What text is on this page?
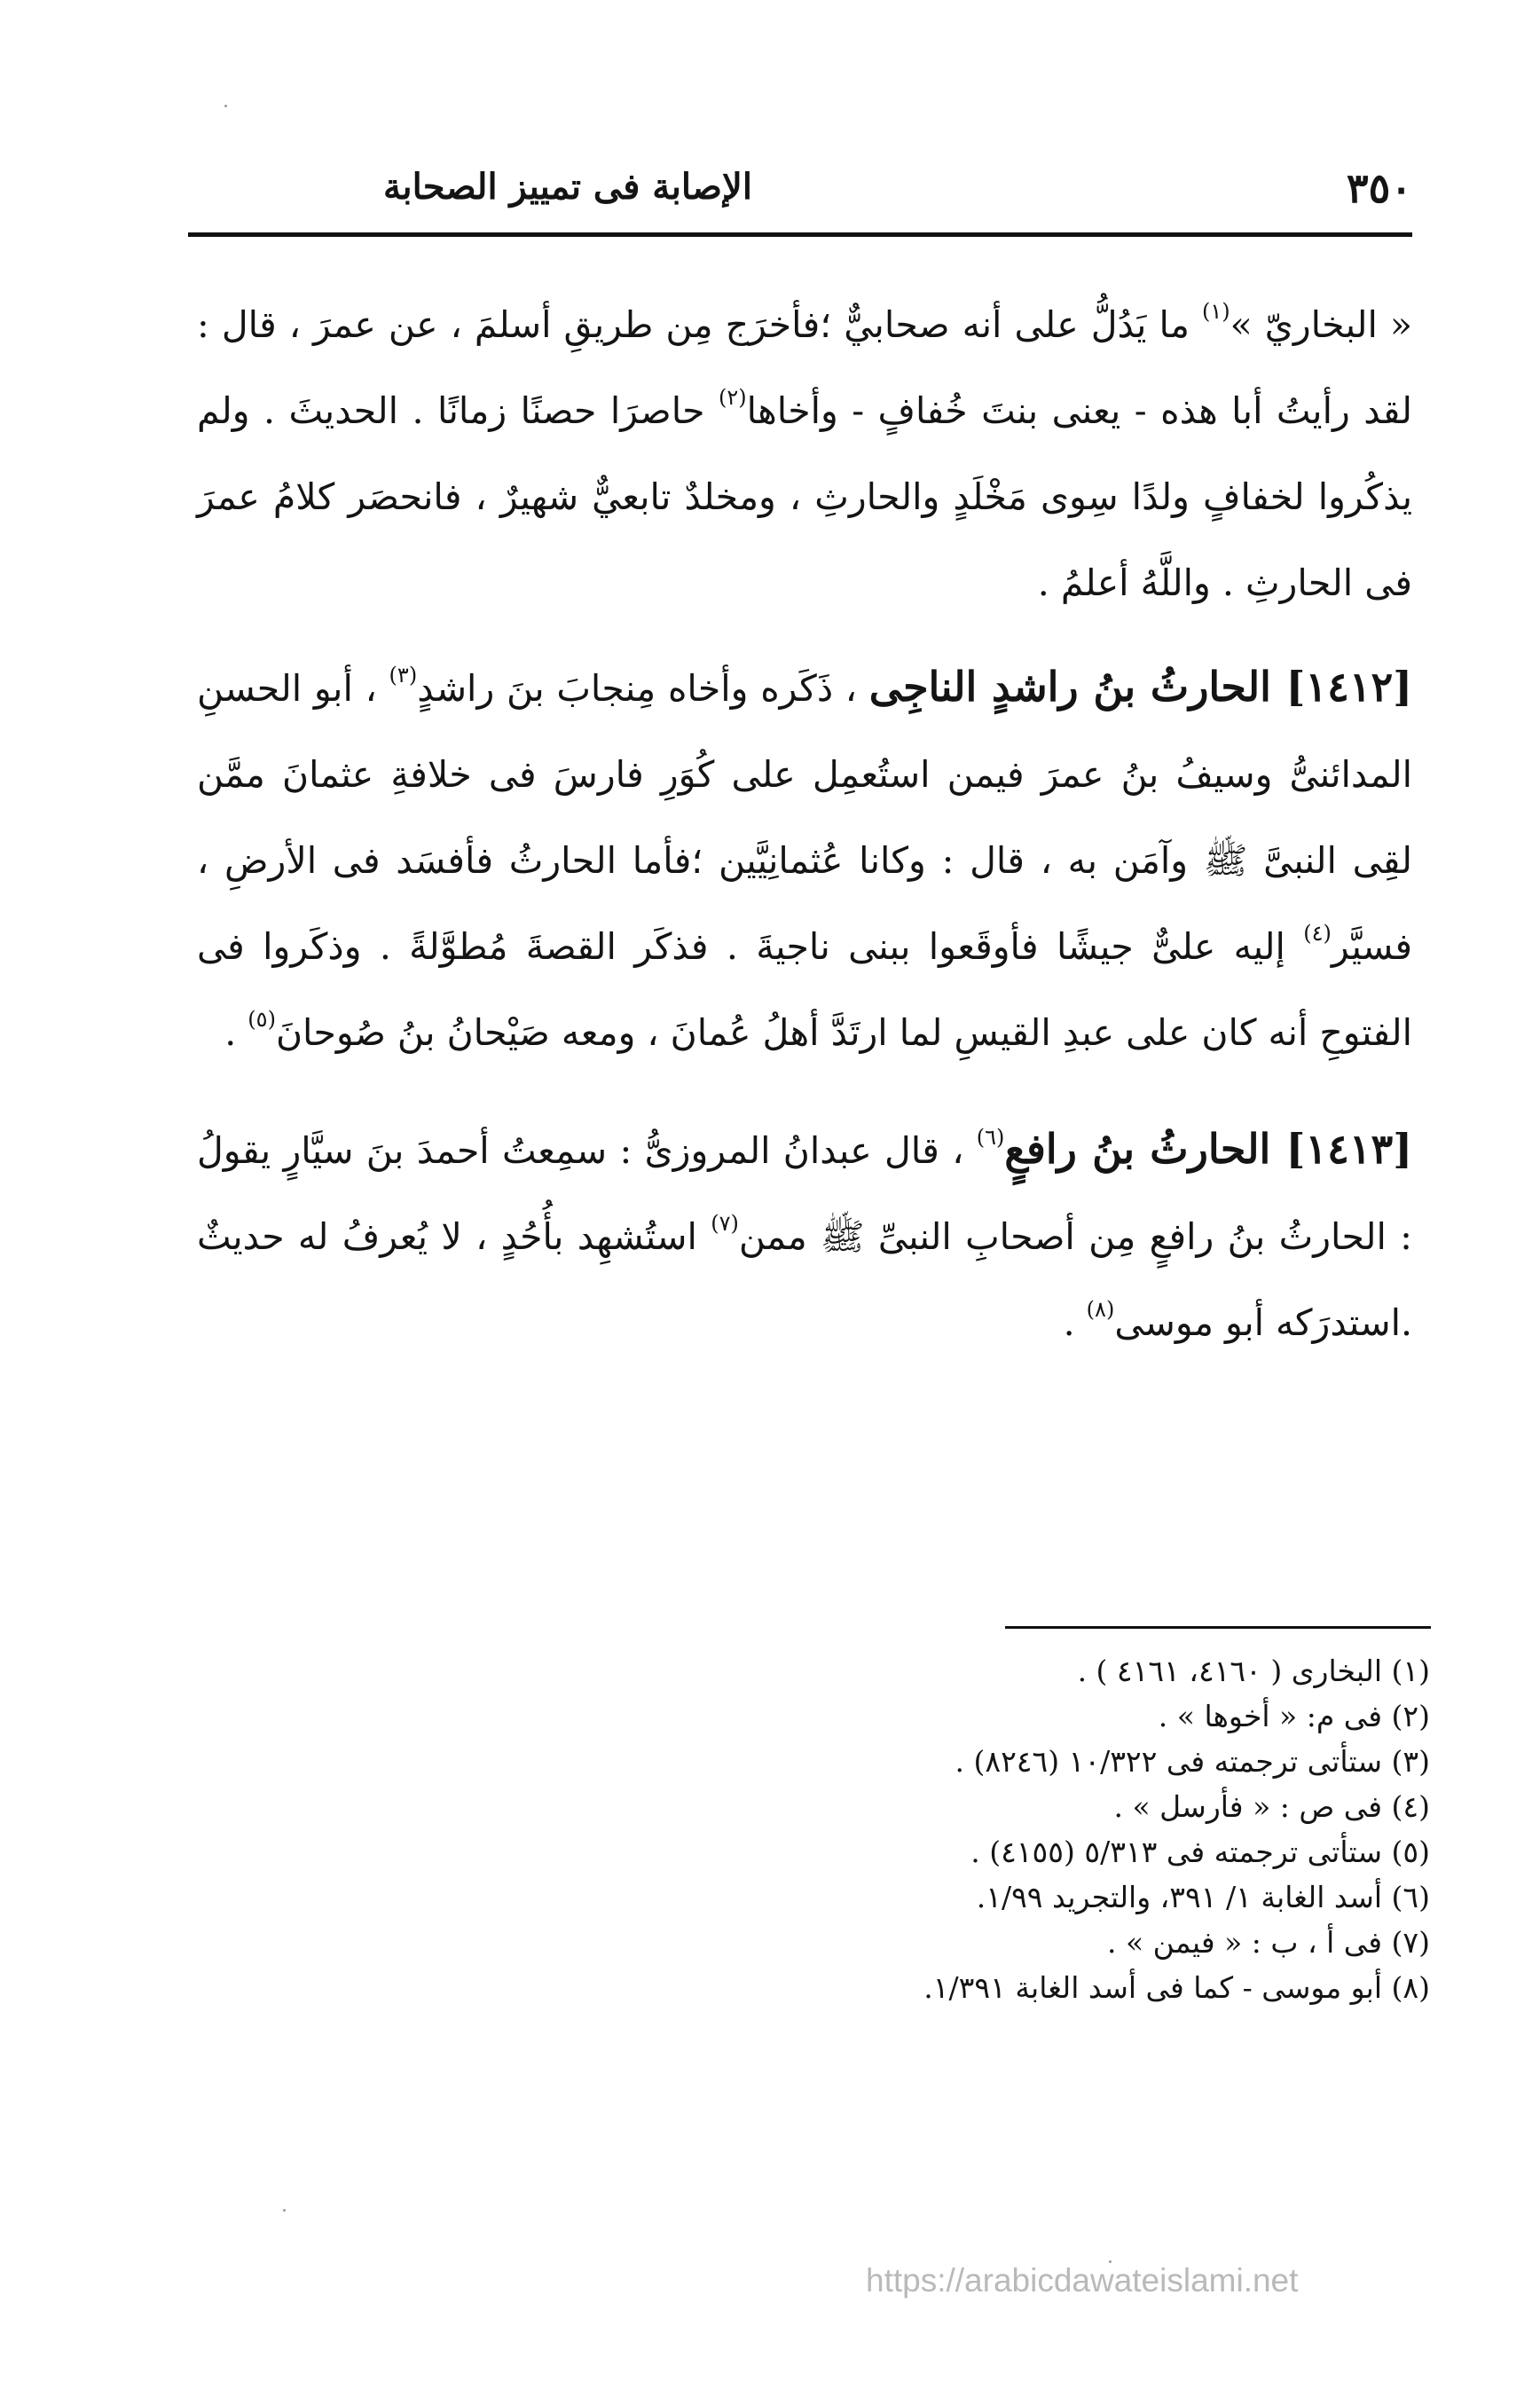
٣٥٠
الإصابة فى تمييز الصحابة

« البخاريّ »$^{(١)}$ ما يَدُلُّ على أنه صحابيٌّ ؛فأخرَج مِن طريقِ أسلمَ ، عن عمرَ ، قال : لقد رأيتُ أبا هذه - يعنى بنتَ خُفافٍ - وأخاها$^{(٢)}$ حاصرَا حصنًا زمانًا . الحديثَ . ولم يذكُروا لخفافٍ ولدًا سِوى مَخْلَدٍ والحارثِ ، ومخلدٌ تابعيٌّ شهيرٌ ، فانحصَر كلامُ عمرَ فى الحارثِ . واللَّهُ أعلمُ .

[١٤١٢] الحارثُ بنُ راشدٍ الناجِى ، ذَكَره وأخاه مِنجابَ بنَ راشدٍ$^{(٣)}$ ، أبو الحسنِ المدائنىُّ وسيفُ بنُ عمرَ فيمن استُعمِل على كُوَرِ فارسَ فى خلافةِ عثمانَ ممَّن لقِى النبىَّ ﷺ وآمَن به ، قال : وكانا عُثمانِيَّين ؛فأما الحارثُ فأفسَد فى الأرضِ ، فسيَّر$^{(٤)}$ إليه علىٌّ جيشًا فأوقَعوا ببنى ناجيةَ . فذكَر القصةَ مُطوَّلةً . وذكَروا فى الفتوحِ أنه كان على عبدِ القيسِ لما ارتَدَّ أهلُ عُمانَ ، ومعه صَيْحانُ بنُ صُوحانَ$^{(٥)}$ .

[١٤١٣] الحارثُ بنُ رافعٍ$^{(٦)}$ ، قال عبدانُ المروزىُّ : سمِعتُ أحمدَ بنَ سيَّارٍ يقولُ : الحارثُ بنُ رافعٍ مِن أصحابِ النبىِّ ﷺ ممن$^{(٧)}$ استُشهِد بأُحُدٍ ، لا يُعرفُ له حديثٌ .استدرَكه أبو موسى$^{(٨)}$ .

(١) البخارى ( ٤١٦٠، ٤١٦١ ) .

(٢) فى م: « أخوها » .

(٣) ستأتى ترجمته فى ١٠/٣٢٢ (٨٢٤٦) .

(٤) فى ص : « فأرسل » .

(٥) ستأتى ترجمته فى ٥/٣١٣ (٤١٥٥) .

(٦) أسد الغابة ١/ ٣٩١، والتجريد ١/٩٩.

(٧) فى أ ، ب : « فيمن » .

(٨) أبو موسى - كما فى أسد الغابة ١/٣٩١.

https://arabicdawateislami.net
